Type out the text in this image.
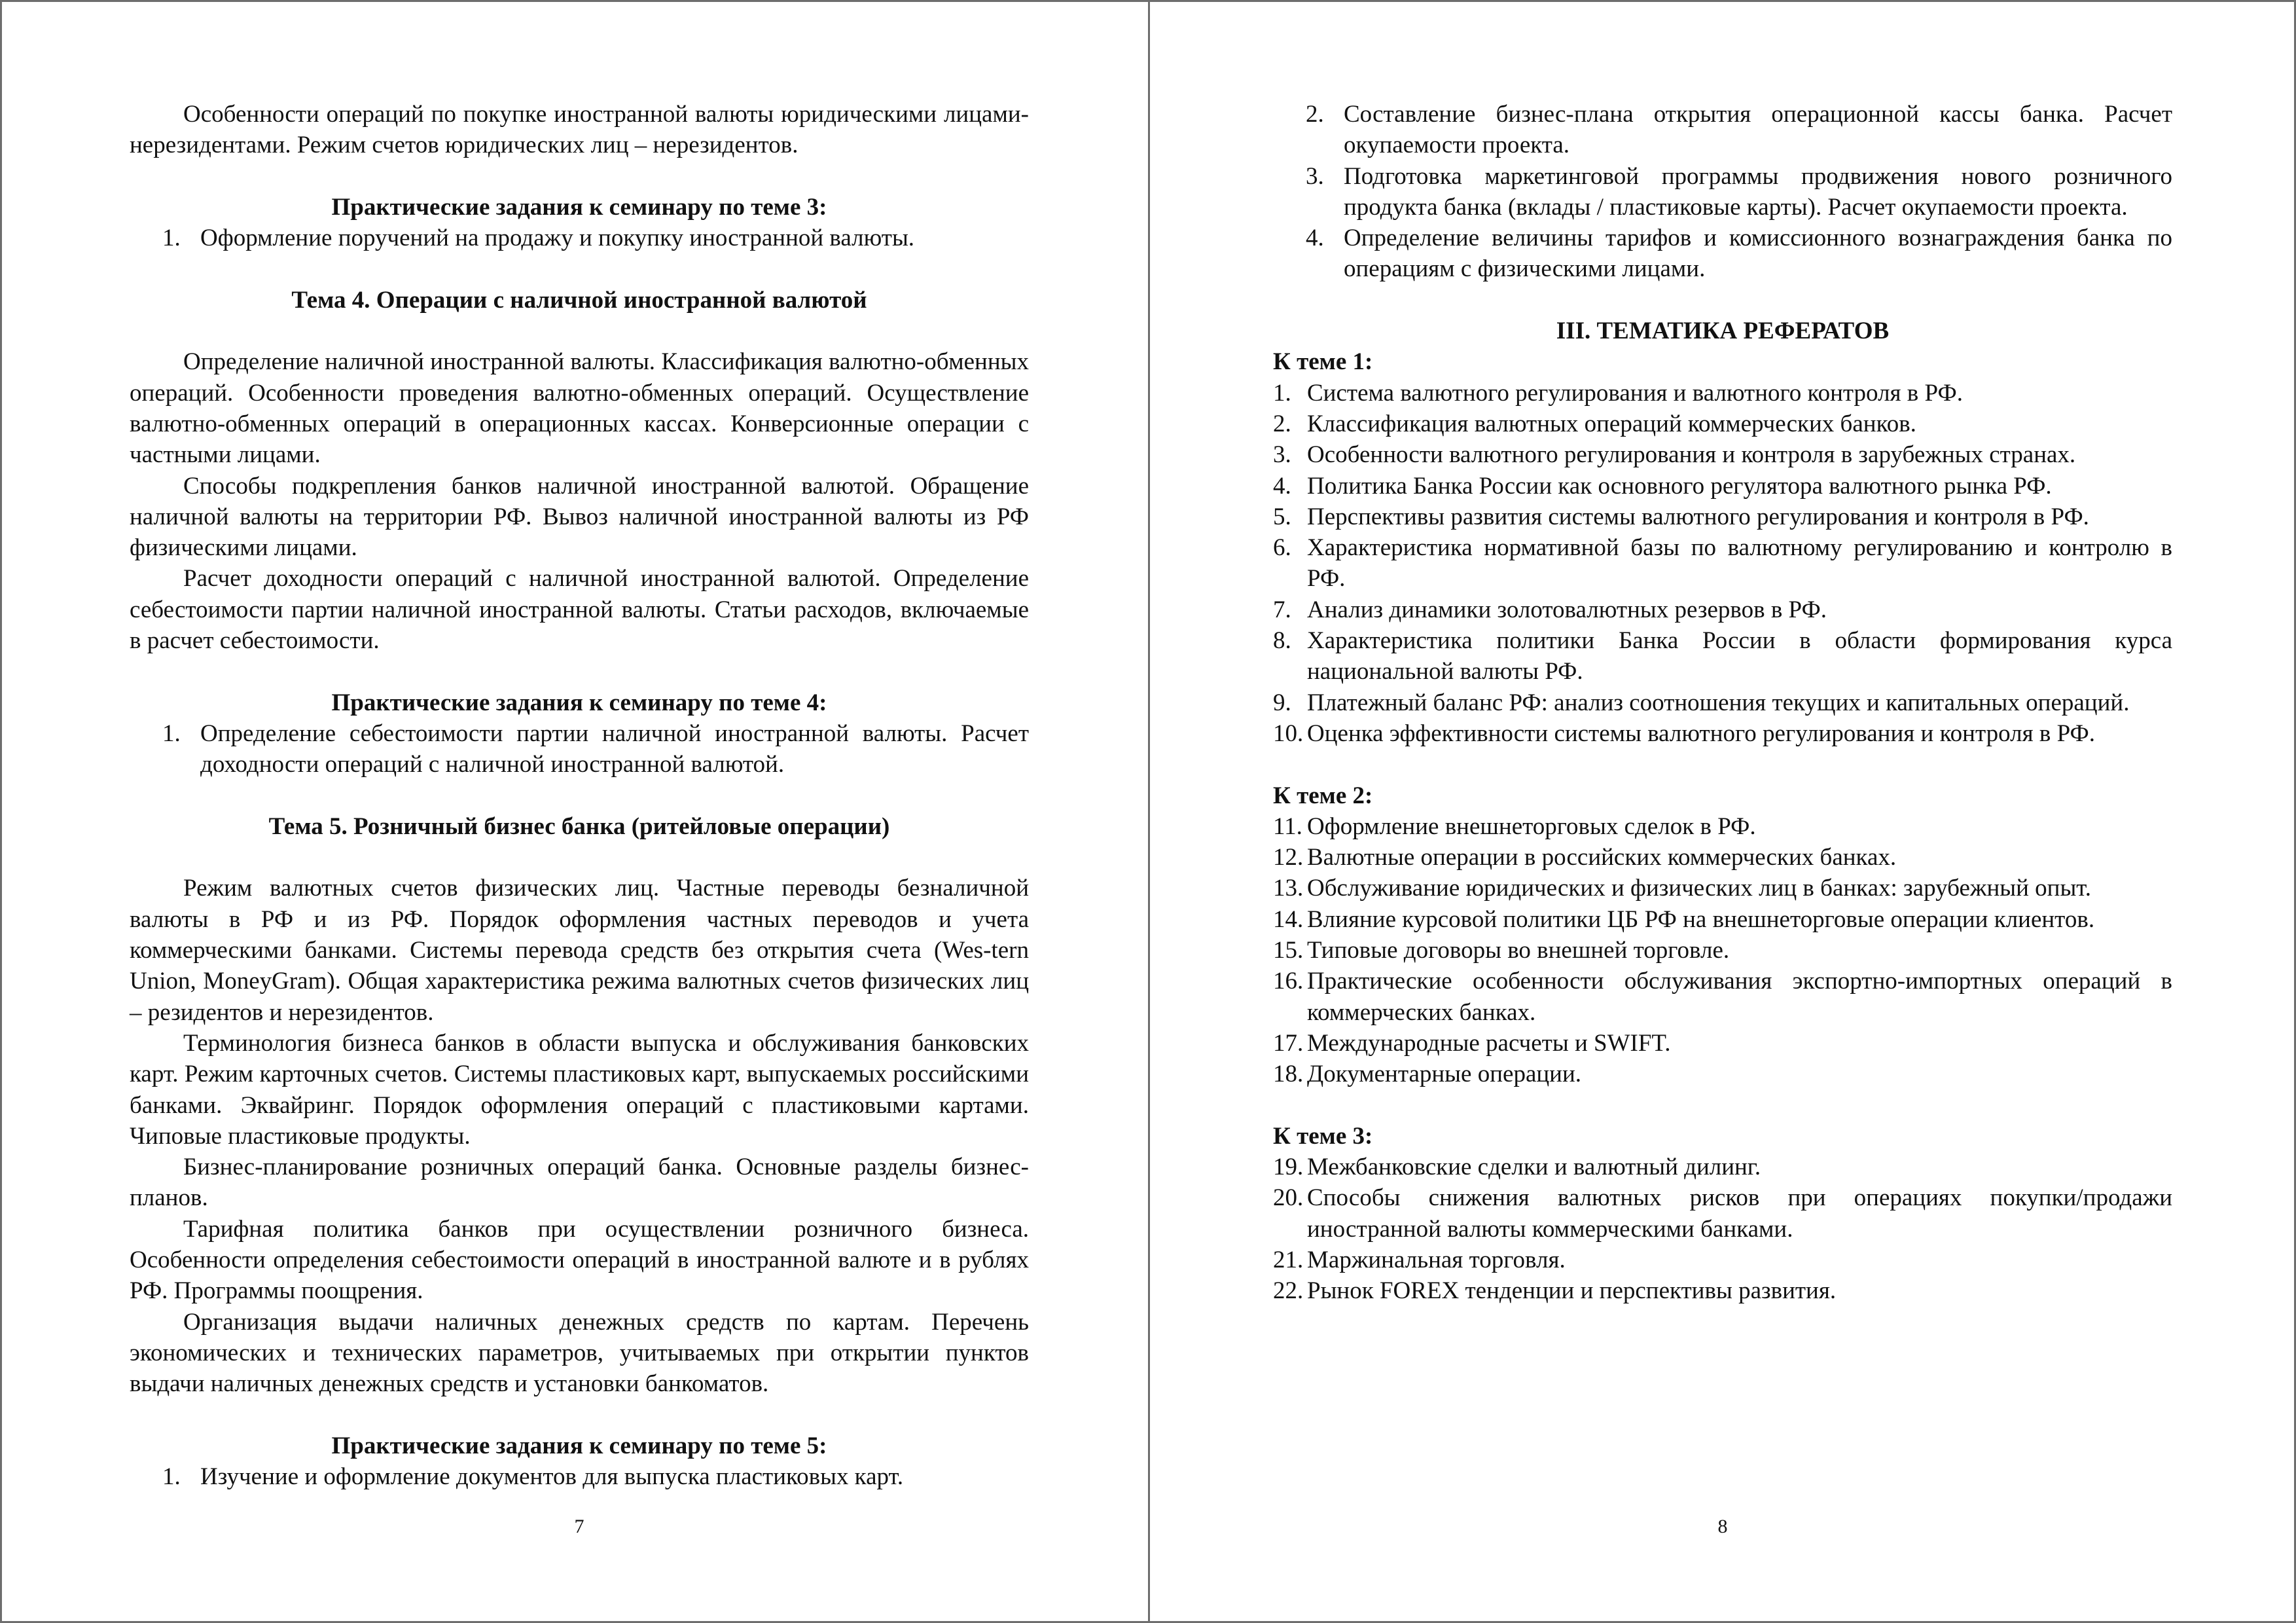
Особенности операций по покупке иностранной валюты юридическими лицами-нерезидентами. Режим счетов юридических лиц – нерезидентов.

Практические задания к семинару по теме 3:
1. Оформление поручений на продажу и покупку иностранной валюты.
Тема 4. Операции с наличной иностранной валютой

Определение наличной иностранной валюты. Классификация валютно-обменных операций. Особенности проведения валютно-обменных операций. Осуществление валютно-обменных операций в операционных кассах. Конверсионные операции с частными лицами.

Способы подкрепления банков наличной иностранной валютой. Обращение наличной валюты на территории РФ. Вывоз наличной иностранной валюты из РФ физическими лицами.

Расчет доходности операций с наличной иностранной валютой. Определение себестоимости партии наличной иностранной валюты. Статьи расходов, включаемые в расчет себестоимости.

Практические задания к семинару по теме 4:
1. Определение себестоимости партии наличной иностранной валюты. Расчет доходности операций с наличной иностранной валютой.
Тема 5. Розничный бизнес банка (ритейловые операции)

Режим валютных счетов физических лиц. Частные переводы безналичной валюты в РФ и из РФ. Порядок оформления частных переводов и учета коммерческими банками. Системы перевода средств без открытия счета (Wes-tern Union, MoneyGram). Общая характеристика режима валютных счетов физических лиц – резидентов и нерезидентов.

Терминология бизнеса банков в области выпуска и обслуживания банковских карт. Режим карточных счетов. Системы пластиковых карт, выпускаемых российскими банками. Эквайринг. Порядок оформления операций с пластиковыми картами. Чиповые пластиковые продукты.

Бизнес-планирование розничных операций банка. Основные разделы бизнес-планов.

Тарифная политика банков при осуществлении розничного бизнеса. Особенности определения себестоимости операций в иностранной валюте и в рублях РФ. Программы поощрения.

Организация выдачи наличных денежных средств по картам. Перечень экономических и технических параметров, учитываемых при открытии пунктов выдачи наличных денежных средств и установки банкоматов.

Практические задания к семинару по теме 5:
1. Изучение и оформление документов для выпуска пластиковых карт.
7
2. Составление бизнес-плана открытия операционной кассы банка. Расчет окупаемости проекта.
3. Подготовка маркетинговой программы продвижения нового розничного продукта банка (вклады / пластиковые карты). Расчет окупаемости проекта.
4. Определение величины тарифов и комиссионного вознаграждения банка по операциям с физическими лицами.
III. ТЕМАТИКА РЕФЕРАТОВ
К теме 1:
1. Система валютного регулирования и валютного контроля в РФ.
2. Классификация валютных операций коммерческих банков.
3. Особенности валютного регулирования и контроля в зарубежных странах.
4. Политика Банка России как основного регулятора валютного рынка РФ.
5. Перспективы развития системы валютного регулирования и контроля в РФ.
6. Характеристика нормативной базы по валютному регулированию и контролю в РФ.
7. Анализ динамики золотовалютных резервов в РФ.
8. Характеристика политики Банка России в области формирования курса национальной валюты РФ.
9. Платежный баланс РФ: анализ соотношения текущих и капитальных операций.
10. Оценка эффективности системы валютного регулирования и контроля в РФ.
К теме 2:
11. Оформление внешнеторговых сделок в РФ.
12. Валютные операции в российских коммерческих банках.
13. Обслуживание юридических и физических лиц в банках: зарубежный опыт.
14. Влияние курсовой политики ЦБ РФ на внешнеторговые операции клиентов.
15. Типовые договоры во внешней торговле.
16. Практические особенности обслуживания экспортно-импортных операций в коммерческих банках.
17. Международные расчеты и SWIFT.
18. Документарные операции.
К теме 3:
19. Межбанковские сделки и валютный дилинг.
20. Способы снижения валютных рисков при операциях покупки/продажи иностранной валюты коммерческими банками.
21. Маржинальная торговля.
22. Рынок FOREX тенденции и перспективы развития.
8
